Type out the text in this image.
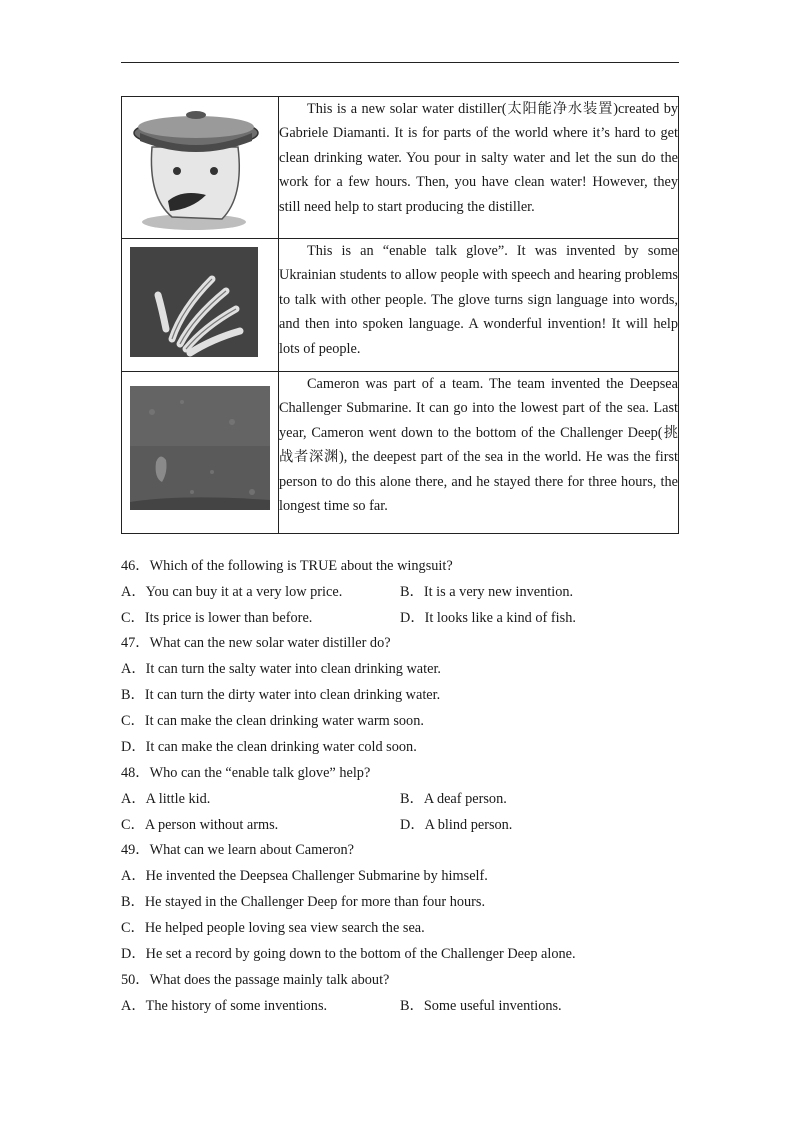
This is a new solar water distiller(太阳能净水装置)created by Gabriele Diamanti. It is for parts of the world where it’s hard to get clean drinking water. You pour in salty water and let the sun do the work for a few hours. Then, you have clean water! However, they still need help to start producing the distiller.

This is an “enable talk glove”. It was invented by some Ukrainian students to allow people with speech and hearing problems to talk with other people. The glove turns sign language into words, and then into spoken language. A wonderful invention! It will help lots of people.

Cameron was part of a team. The team invented the Deepsea Challenger Submarine. It can go into the lowest part of the sea. Last year, Cameron went down to the bottom of the Challenger Deep(挑战者深渊), the deepest part of the sea in the world. He was the first person to do this alone there, and he stayed there for three hours, the longest time so far.

46．Which of the following is TRUE about the wingsuit?
A．You can buy it at a very low price.	B．It is a very new invention.
C．Its price is lower than before.	D．It looks like a kind of fish.
47．What can the new solar water distiller do?
A．It can turn the salty water into clean drinking water.
B．It can turn the dirty water into clean drinking water.
C．It can make the clean drinking water warm soon.
D．It can make the clean drinking water cold soon.
48．Who can the “enable talk glove” help?
A．A little kid.	B．A deaf person.
C．A person without arms.	D．A blind person.
49．What can we learn about Cameron?
A．He invented the Deepsea Challenger Submarine by himself.
B．He stayed in the Challenger Deep for more than four hours.
C．He helped people loving sea view search the sea.
D．He set a record by going down to the bottom of the Challenger Deep alone.
50．What does the passage mainly talk about?
A．The history of some inventions.	B．Some useful inventions.
